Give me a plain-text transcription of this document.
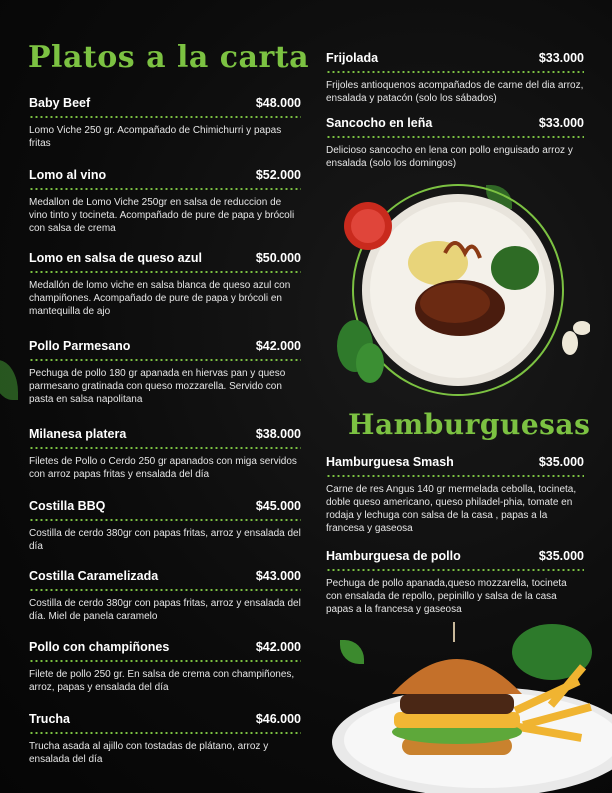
Platos a la carta
Hamburguesas
Baby Beef	$48.000
Lomo Viche 250 gr. Acompañado de Chimichurri y papas fritas
Lomo al vino	$52.000
Medallon de Lomo Viche 250gr en salsa de reduccion de vino tinto y tocineta. Acompañado de pure de papa y brócoli con salsa de crema
Lomo en salsa de queso azul	$50.000
Medallón de lomo viche en salsa blanca de queso azul con champiñones. Acompañado de pure de papa y brócoli en mantequilla de ajo
Pollo Parmesano	$42.000
Pechuga de pollo 180 gr apanada en hiervas pan y queso parmesano gratinada con queso mozzarella. Servido con pasta en salsa napolitana
Milanesa platera	$38.000
Filetes de Pollo o Cerdo 250 gr apanados con miga servidos con arroz papas fritas y ensalada del día
Costilla BBQ	$45.000
Costilla de cerdo 380gr con papas fritas, arroz y ensalada del día
Costilla Caramelizada	$43.000
Costilla de cerdo 380gr con papas fritas, arroz y ensalada del día. Miel de panela caramelo
Pollo con champiñones	$42.000
Filete de pollo 250 gr. En salsa de crema con champiñones, arroz, papas y ensalada del día
Trucha	$46.000
Trucha asada al ajillo con tostadas de plátano, arroz y ensalada del día
Frijolada	$33.000
Frijoles antioquenos acompañados de carne del dia arroz, ensalada y patacón (solo los sábados)
Sancocho en leña	$33.000
Delicioso sancocho en lena con pollo enguisado arroz y ensalada (solo los domingos)
Hamburguesa Smash	$35.000
Carne de res Angus 140 gr mermelada cebolla, tocineta, doble queso americano, queso philadel-phia, tomate en rodaja y lechuga con salsa de la casa , papas a la francesa y gaseosa
Hamburguesa de pollo	$35.000
Pechuga de pollo apanada,queso mozzarella, tocineta con ensalada de repollo, pepinillo y salsa de la casa papas a la francesa y gaseosa
